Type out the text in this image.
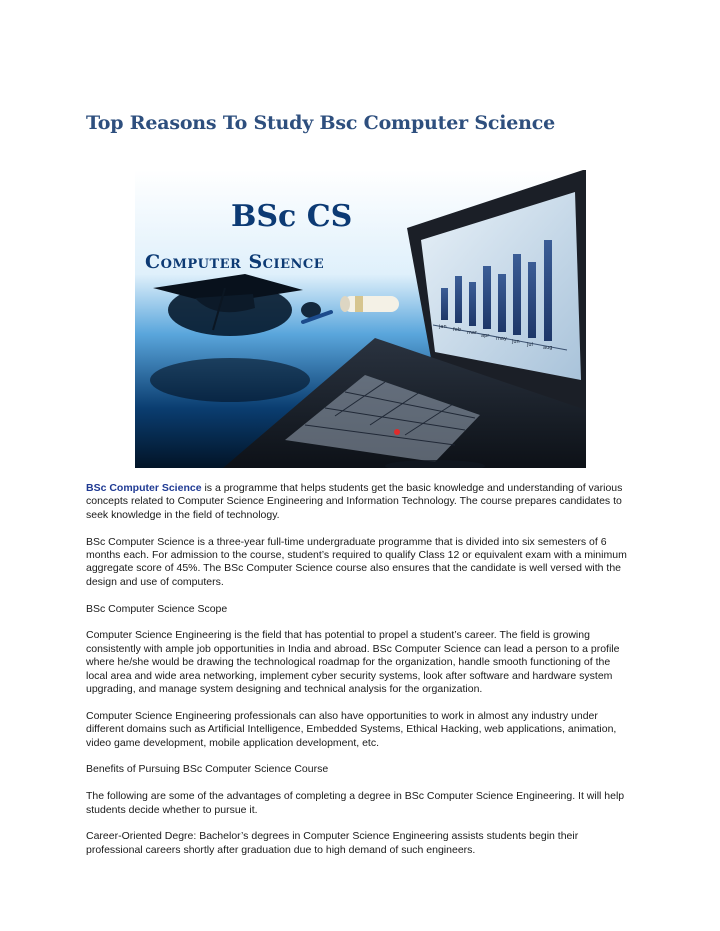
Top Reasons To Study Bsc Computer Science
BSc CS
Computer Science
jan feb mar apr may jun jul aug

BSc Computer Science is a programme that helps students get the basic knowledge and understanding of various concepts related to Computer Science Engineering and Information Technology. The course prepares candidates to seek knowledge in the field of technology.

BSc Computer Science is a three-year full-time undergraduate programme that is divided into six semesters of 6 months each. For admission to the course, student’s required to qualify Class 12 or equivalent exam with a minimum aggregate score of 45%. The BSc Computer Science course also ensures that the candidate is well versed with the design and use of computers.

BSc Computer Science Scope

Computer Science Engineering is the field that has potential to propel a student’s career. The field is growing consistently with ample job opportunities in India and abroad. BSc Computer Science can lead a person to a profile where he/she would be drawing the technological roadmap for the organization, handle smooth functioning of the local area and wide area networking, implement cyber security systems, look after software and hardware system upgrading, and manage system designing and technical analysis for the organization.

Computer Science Engineering professionals can also have opportunities to work in almost any industry under different domains such as Artificial Intelligence, Embedded Systems, Ethical Hacking, web applications, animation, video game development, mobile application development, etc.

Benefits of Pursuing BSc Computer Science Course

The following are some of the advantages of completing a degree in BSc Computer Science Engineering. It will help students decide whether to pursue it.

Career-Oriented Degre: Bachelor’s degrees in Computer Science Engineering assists students begin their professional careers shortly after graduation due to high demand of such engineers.
